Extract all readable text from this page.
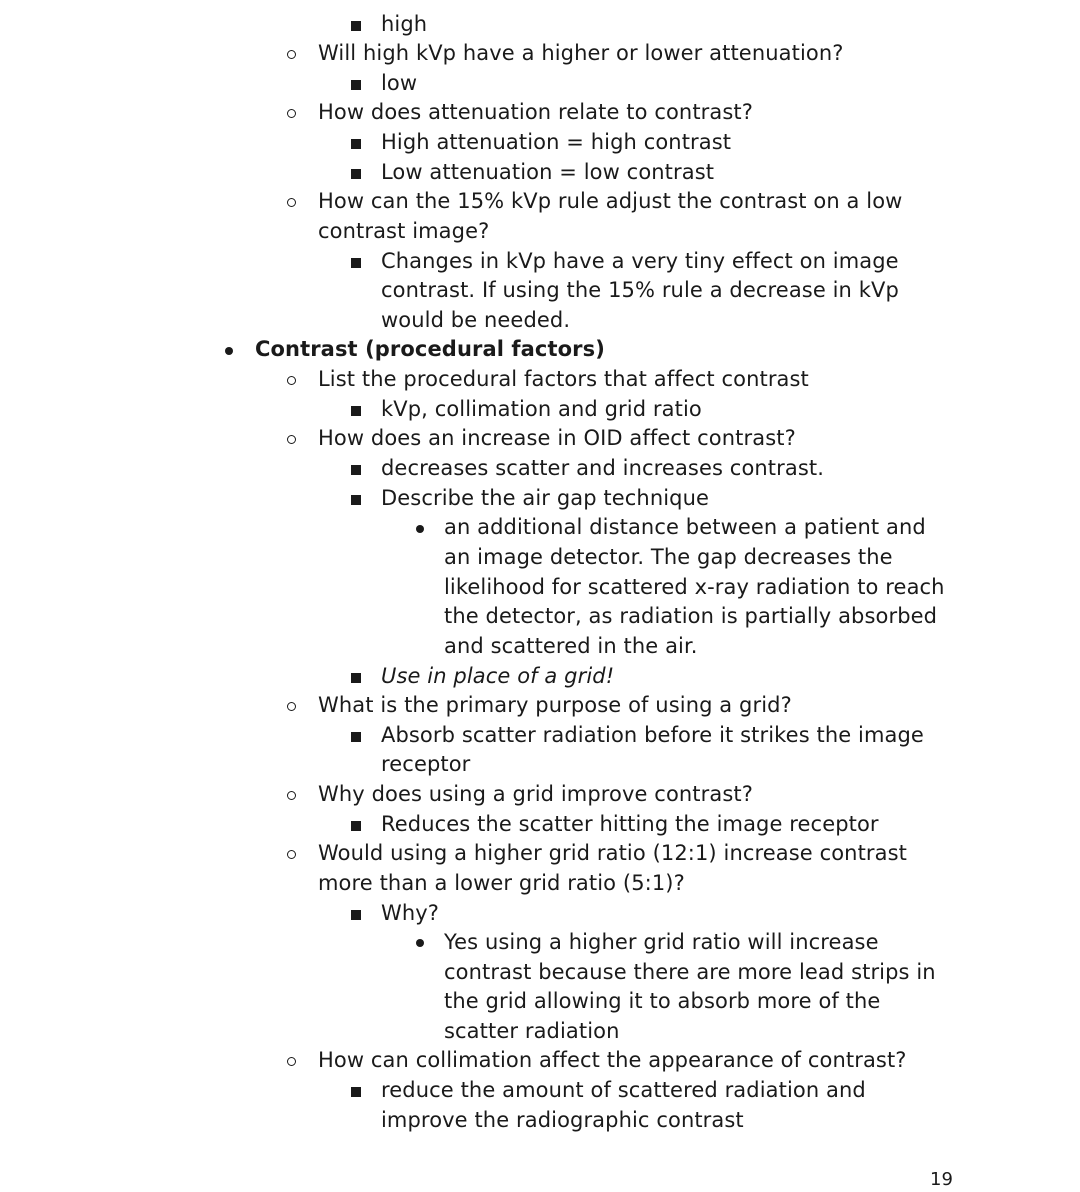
high
Will high kVp have a higher or lower attenuation?
low
How does attenuation relate to contrast?
High attenuation = high contrast
Low attenuation = low contrast
How can the 15% kVp rule adjust the contrast on a low
contrast image?
Changes in kVp have a very tiny effect on image
contrast. If using the 15% rule a decrease in kVp
would be needed.
Contrast (procedural factors)
List the procedural factors that affect contrast
kVp, collimation and grid ratio
How does an increase in OID affect contrast?
decreases scatter and increases contrast.
Describe the air gap technique
an additional distance between a patient and
an image detector. The gap decreases the
likelihood for scattered x-ray radiation to reach
the detector, as radiation is partially absorbed
and scattered in the air.
Use in place of a grid!
What is the primary purpose of using a grid?
Absorb scatter radiation before it strikes the image
receptor
Why does using a grid improve contrast?
Reduces the scatter hitting the image receptor
Would using a higher grid ratio (12:1) increase contrast
more than a lower grid ratio (5:1)?
Why?
Yes using a higher grid ratio will increase
contrast because there are more lead strips in
the grid allowing it to absorb more of the
scatter radiation
How can collimation affect the appearance of contrast?
reduce the amount of scattered radiation and
improve the radiographic contrast
19
